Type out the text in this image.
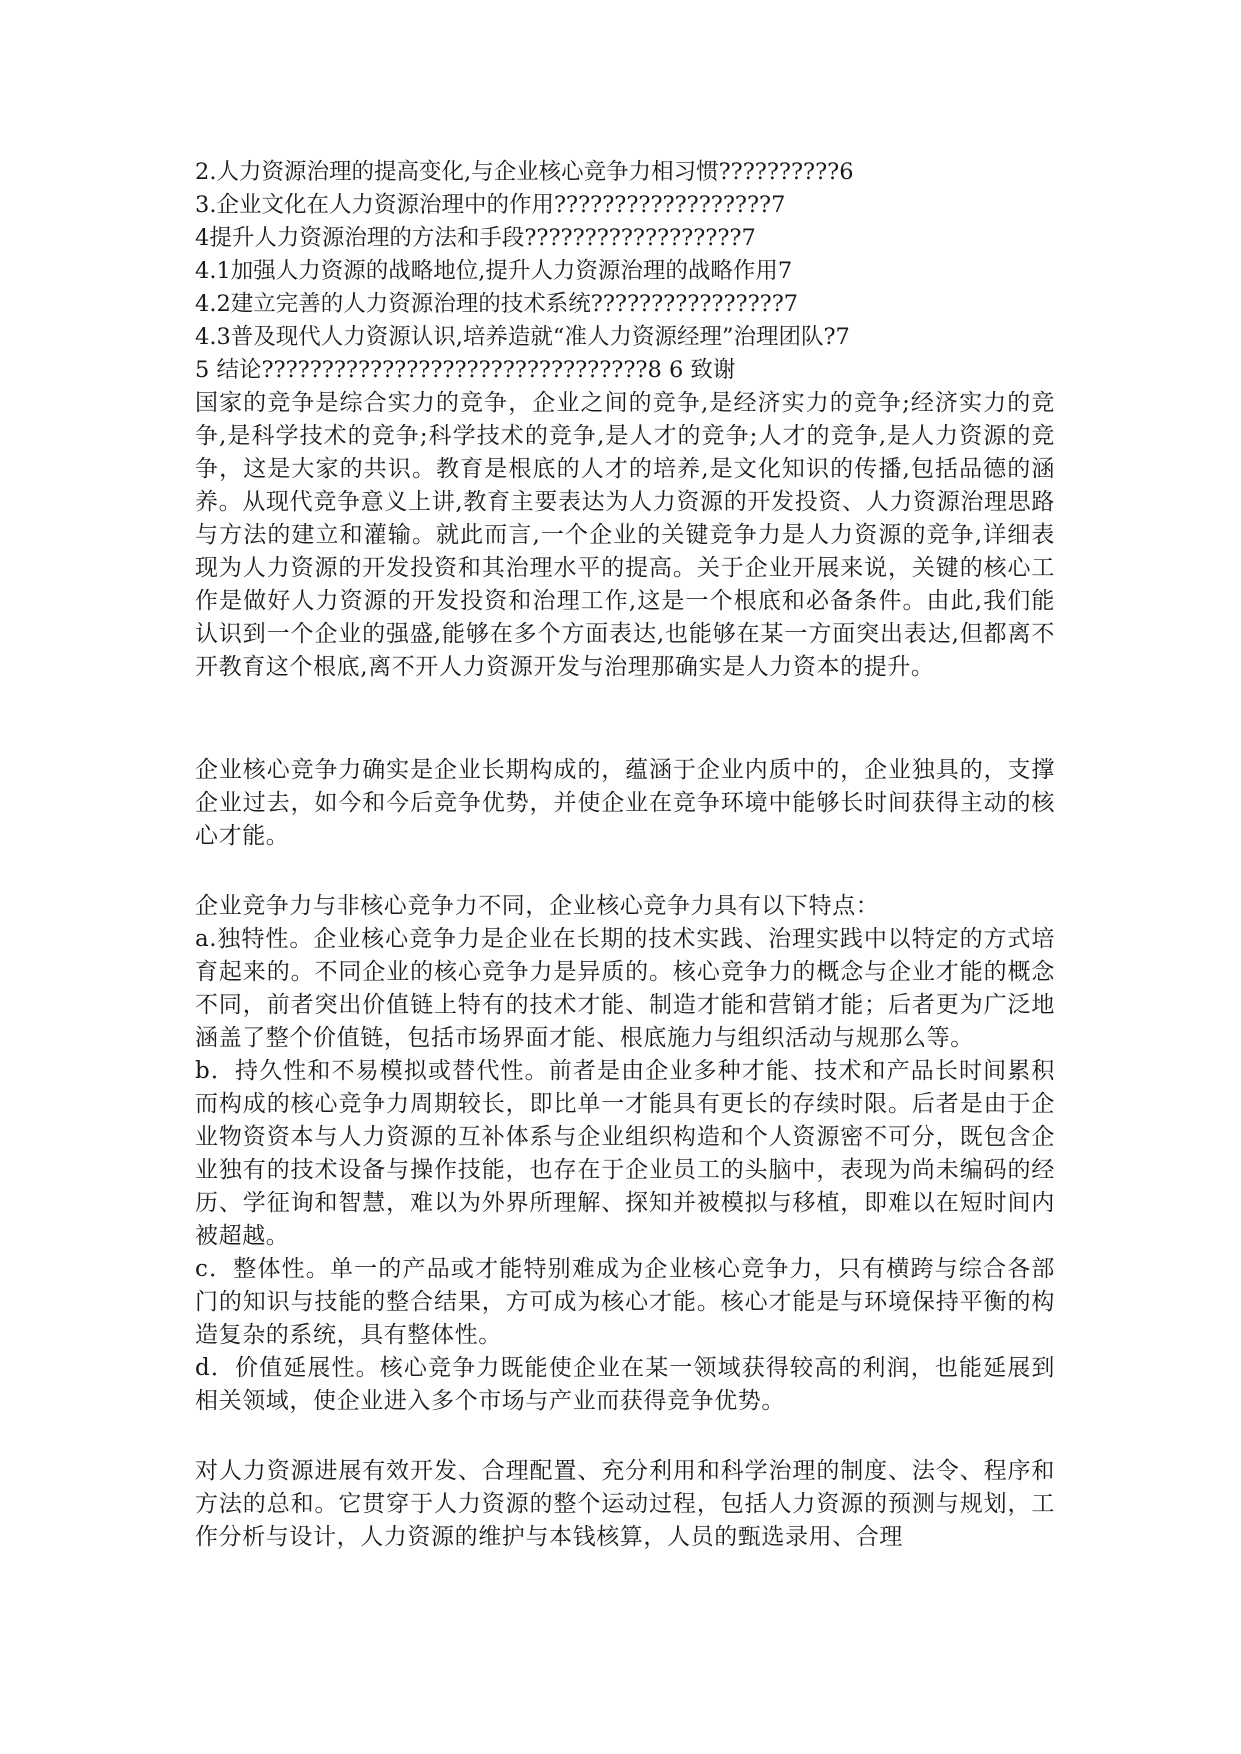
2.人力资源治理的提高变化,与企业核心竞争力相习惯??????????6

3.企业文化在人力资源治理中的作用??????????????????7

4提升人力资源治理的方法和手段??????????????????7

4.1加强人力资源的战略地位,提升人力资源治理的战略作用7

4.2建立完善的人力资源治理的技术系统????????????????7

4.3普及现代人力资源认识,培养造就“准人力资源经理”治理团队?7

5 结论????????????????????????????????8 6 致谢

国家的竞争是综合实力的竞争，企业之间的竞争,是经济实力的竞争;经济实力的竞争,是科学技术的竞争;科学技术的竞争,是人才的竞争;人才的竞争,是人力资源的竞争，这是大家的共识。教育是根底的人才的培养,是文化知识的传播,包括品德的涵养。从现代竞争意义上讲,教育主要表达为人力资源的开发投资、人力资源治理思路与方法的建立和灌输。就此而言,一个企业的关键竞争力是人力资源的竞争,详细表现为人力资源的开发投资和其治理水平的提高。关于企业开展来说，关键的核心工作是做好人力资源的开发投资和治理工作,这是一个根底和必备条件。由此,我们能认识到一个企业的强盛,能够在多个方面表达,也能够在某一方面突出表达,但都离不开教育这个根底,离不开人力资源开发与治理那确实是人力资本的提升。

企业核心竞争力确实是企业长期构成的，蕴涵于企业内质中的，企业独具的，支撑企业过去，如今和今后竞争优势，并使企业在竞争环境中能够长时间获得主动的核心才能。

企业竞争力与非核心竞争力不同，企业核心竞争力具有以下特点：

a.独特性。企业核心竞争力是企业在长期的技术实践、治理实践中以特定的方式培育起来的。不同企业的核心竞争力是异质的。核心竞争力的概念与企业才能的概念不同，前者突出价值链上特有的技术才能、制造才能和营销才能；后者更为广泛地涵盖了整个价值链，包括市场界面才能、根底施力与组织活动与规那么等。

b．持久性和不易模拟或替代性。前者是由企业多种才能、技术和产品长时间累积而构成的核心竞争力周期较长，即比单一才能具有更长的存续时限。后者是由于企业物资资本与人力资源的互补体系与企业组织构造和个人资源密不可分，既包含企业独有的技术设备与操作技能，也存在于企业员工的头脑中，表现为尚未编码的经历、学征询和智慧，难以为外界所理解、探知并被模拟与移植，即难以在短时间内被超越。

c．整体性。单一的产品或才能特别难成为企业核心竞争力，只有横跨与综合各部门的知识与技能的整合结果，方可成为核心才能。核心才能是与环境保持平衡的构造复杂的系统，具有整体性。

d．价值延展性。核心竞争力既能使企业在某一领域获得较高的利润，也能延展到相关领域，使企业进入多个市场与产业而获得竞争优势。

对人力资源进展有效开发、合理配置、充分利用和科学治理的制度、法令、程序和方法的总和。它贯穿于人力资源的整个运动过程，包括人力资源的预测与规划，工作分析与设计，人力资源的维护与本钱核算，人员的甄选录用、合理
